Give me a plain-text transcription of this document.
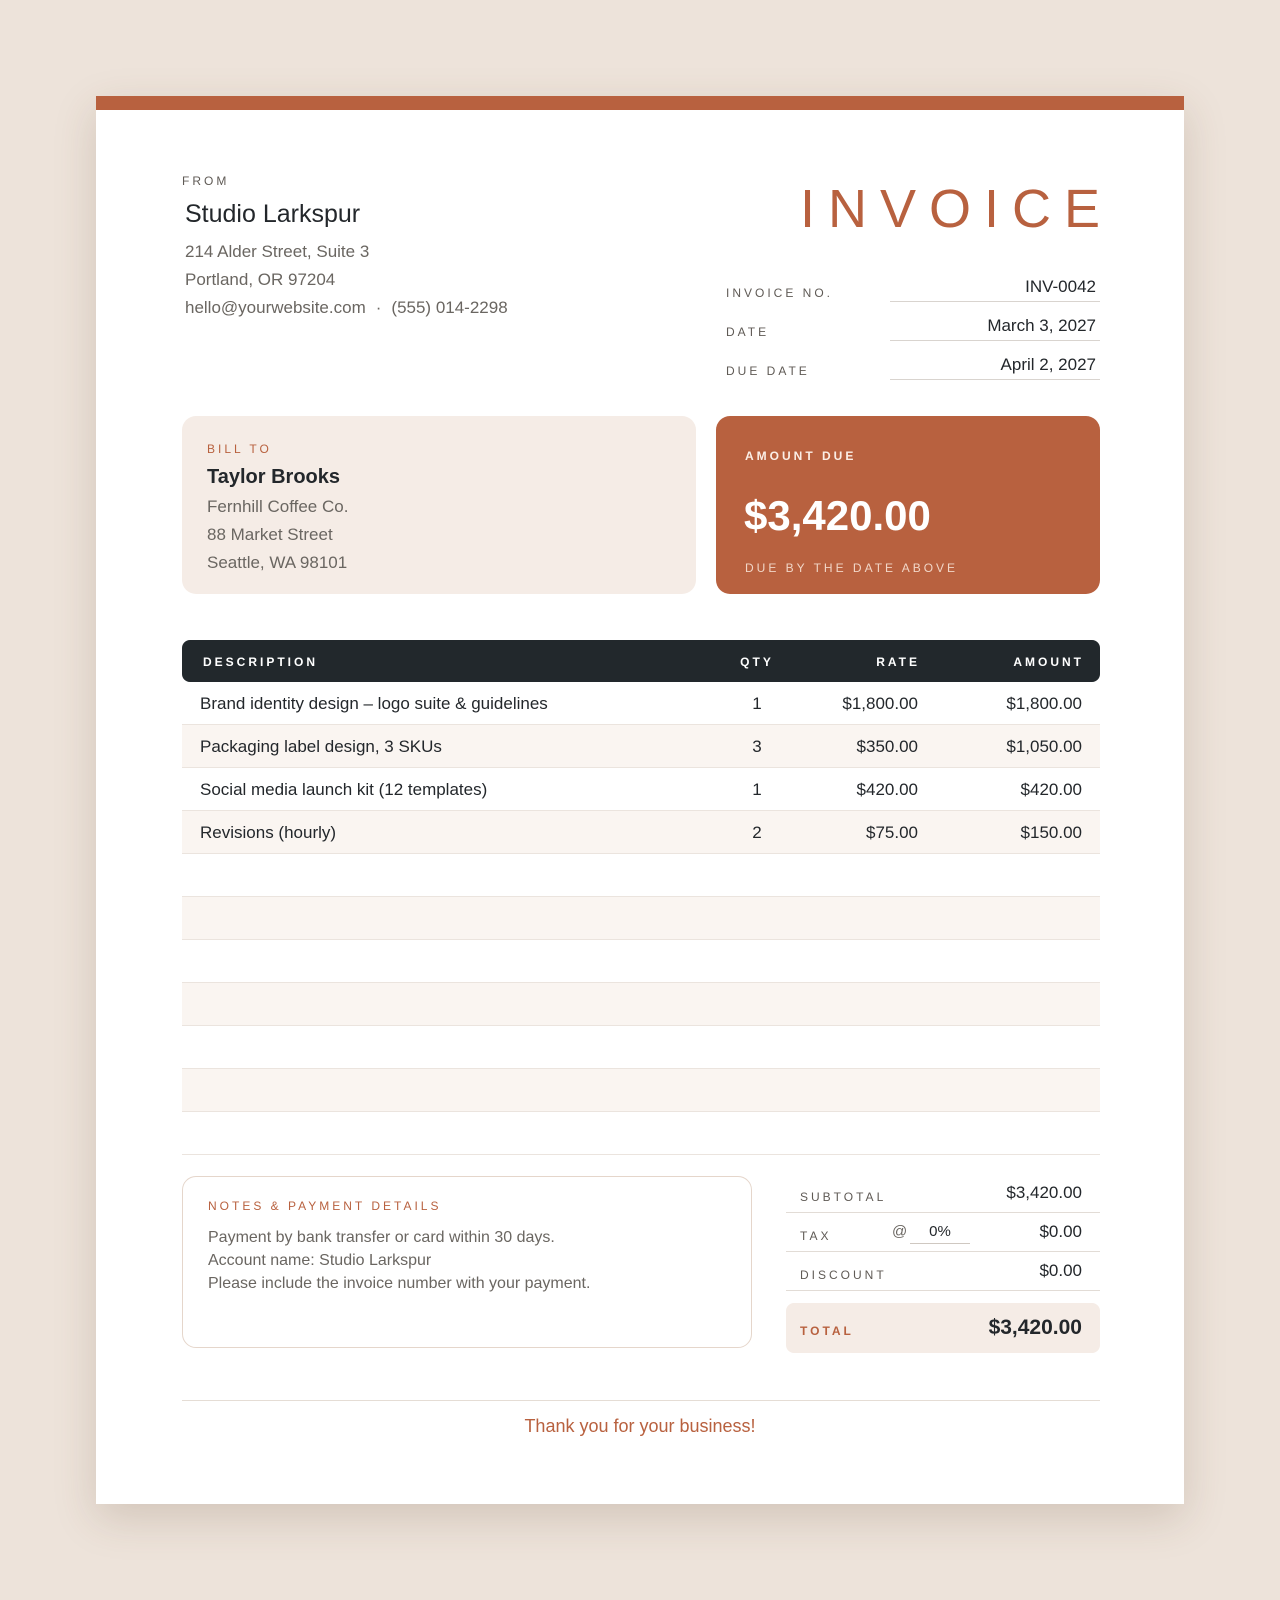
FROM
Studio Larkspur
214 Alder Street, Suite 3
Portland, OR 97204
hello@yourwebsite.com · (555) 014-2298
INVOICE
INVOICE NO.	INV-0042
DATE	March 3, 2027
DUE DATE	April 2, 2027
BILL TO
Taylor Brooks
Fernhill Coffee Co.
88 Market Street
Seattle, WA 98101
AMOUNT DUE
$3,420.00
DUE BY THE DATE ABOVE
DESCRIPTION	QTY	RATE	AMOUNT
Brand identity design – logo suite & guidelines	1	$1,800.00	$1,800.00
Packaging label design, 3 SKUs	3	$350.00	$1,050.00
Social media launch kit (12 templates)	1	$420.00	$420.00
Revisions (hourly)	2	$75.00	$150.00
NOTES & PAYMENT DETAILS
Payment by bank transfer or card within 30 days.
Account name: Studio Larkspur
Please include the invoice number with your payment.
SUBTOTAL	$3,420.00
TAX	@	0%	$0.00
DISCOUNT	$0.00
TOTAL	$3,420.00
Thank you for your business!
